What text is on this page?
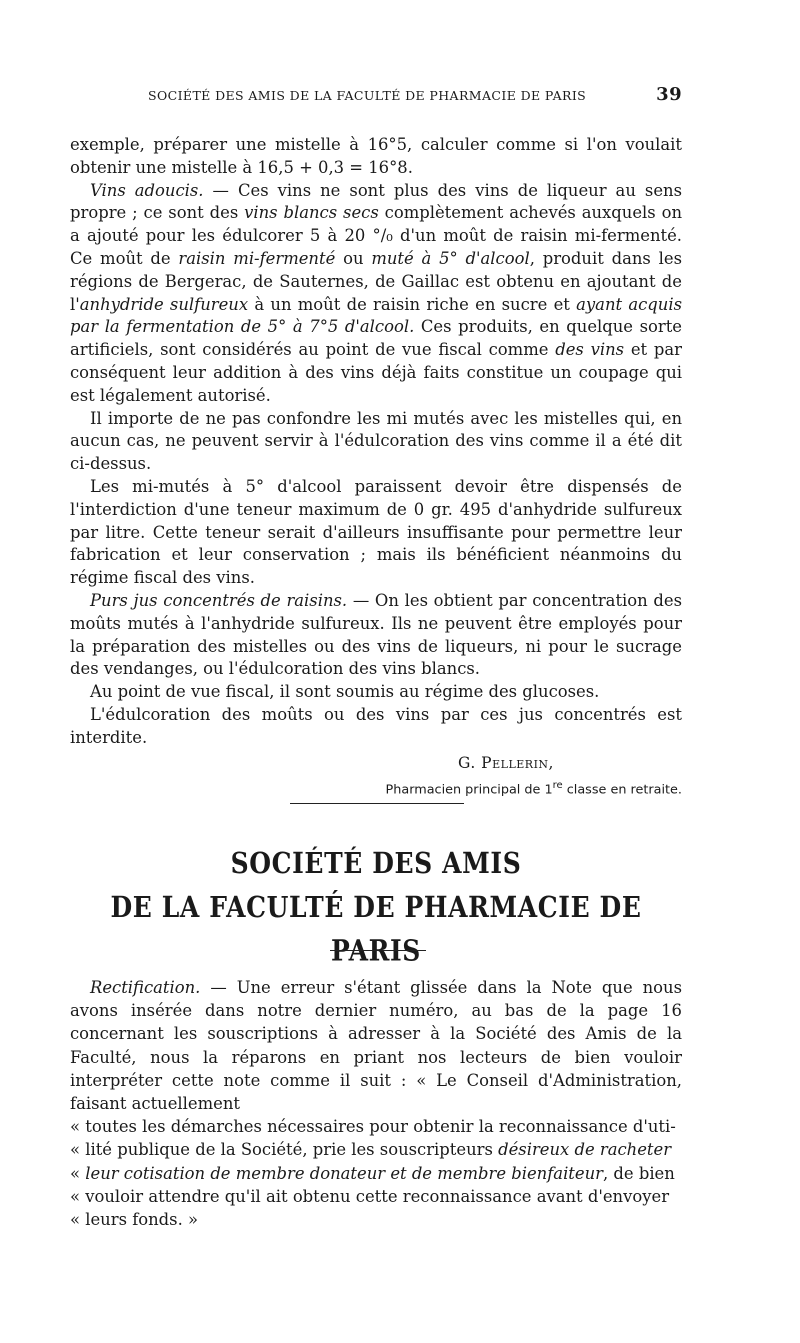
SOCIÉTÉ DES AMIS DE LA FACULTÉ DE PHARMACIE DE PARIS	39

exemple, préparer une mistelle à 16°5, calculer comme si l'on voulait obtenir une mistelle à 16,5 + 0,3 = 16°8.

Vins adoucis. — Ces vins ne sont plus des vins de liqueur au sens propre ; ce sont des vins blancs secs complètement achevés auxquels on a ajouté pour les édulcorer 5 à 20 °/₀ d'un moût de raisin mi-fermenté. Ce moût de raisin mi-fermenté ou muté à 5° d'alcool, produit dans les régions de Bergerac, de Sauternes, de Gaillac est obtenu en ajoutant de l'anhydride sulfureux à un moût de raisin riche en sucre et ayant acquis par la fermentation de 5° à 7°5 d'alcool. Ces produits, en quelque sorte artificiels, sont considérés au point de vue fiscal comme des vins et par conséquent leur addition à des vins déjà faits constitue un coupage qui est légalement autorisé.

Il importe de ne pas confondre les mi mutés avec les mistelles qui, en aucun cas, ne peuvent servir à l'édulcoration des vins comme il a été dit ci-dessus.

Les mi-mutés à 5° d'alcool paraissent devoir être dispensés de l'interdiction d'une teneur maximum de 0 gr. 495 d'anhydride sulfureux par litre. Cette teneur serait d'ailleurs insuffisante pour permettre leur fabrication et leur conservation ; mais ils bénéficient néanmoins du régime fiscal des vins.

Purs jus concentrés de raisins. — On les obtient par concentration des moûts mutés à l'anhydride sulfureux. Ils ne peuvent être employés pour la préparation des mistelles ou des vins de liqueurs, ni pour le sucrage des vendanges, ou l'édulcoration des vins blancs.

Au point de vue fiscal, il sont soumis au régime des glucoses.

L'édulcoration des moûts ou des vins par ces jus concentrés est interdite.

G. Pellerin,
Pharmacien principal de 1re classe en retraite.
SOCIÉTÉ DES AMIS
DE LA FACULTÉ DE PHARMACIE DE PARIS

Rectification. — Une erreur s'étant glissée dans la Note que nous avons insérée dans notre dernier numéro, au bas de la page 16 concernant les souscriptions à adresser à la Société des Amis de la Faculté, nous la réparons en priant nos lecteurs de bien vouloir interpréter cette note comme il suit : « Le Conseil d'Administration, faisant actuellement
« toutes les démarches nécessaires pour obtenir la reconnaissance d'uti-
« lité publique de la Société, prie les souscripteurs désireux de racheter
« leur cotisation de membre donateur et de membre bienfaiteur, de bien
« vouloir attendre qu'il ait obtenu cette reconnaissance avant d'envoyer
« leurs fonds. »
